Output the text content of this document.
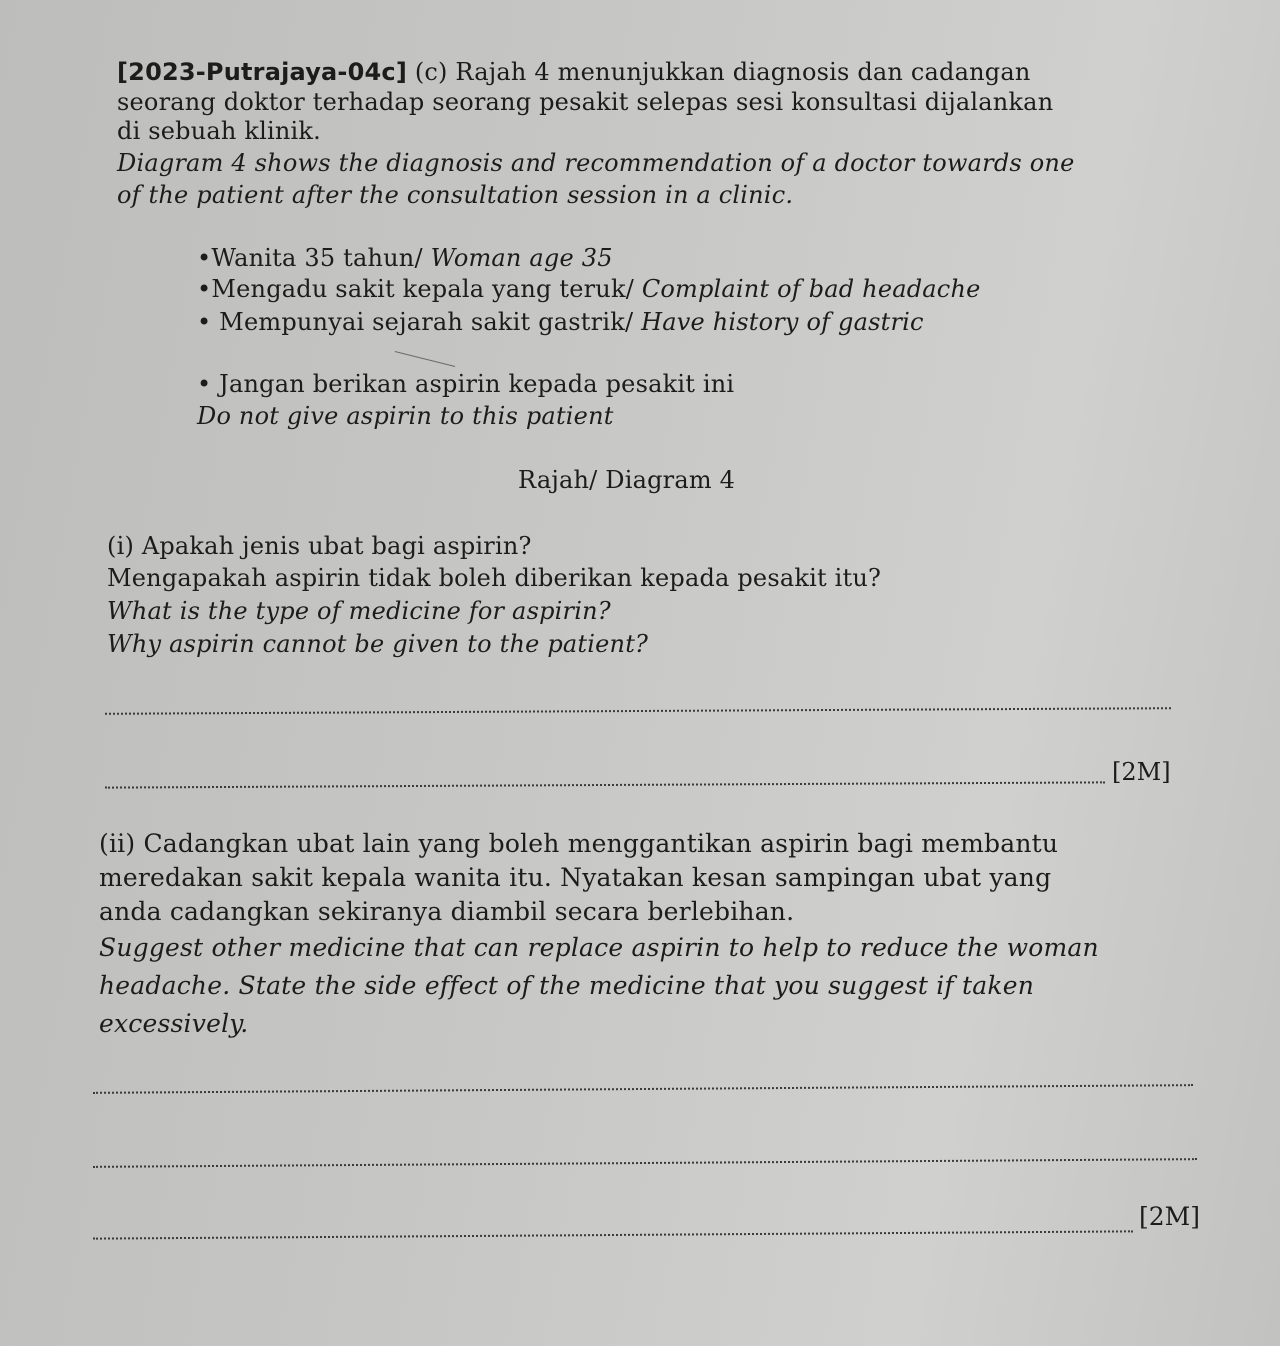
[2023-Putrajaya-04c] (c) Rajah 4 menunjukkan diagnosis dan cadangan
seorang doktor terhadap seorang pesakit selepas sesi konsultasi dijalankan
di sebuah klinik.
Diagram 4 shows the diagnosis and recommendation of a doctor towards one
of the patient after the consultation session in a clinic.
•Wanita 35 tahun/ Woman age 35
•Mengadu sakit kepala yang teruk/ Complaint of bad headache
• Mempunyai sejarah sakit gastrik/ Have history of gastric
• Jangan berikan aspirin kepada pesakit ini
Do not give aspirin to this patient
Rajah/ Diagram 4
(i) Apakah jenis ubat bagi aspirin?
Mengapakah aspirin tidak boleh diberikan kepada pesakit itu?
What is the type of medicine for aspirin?
Why aspirin cannot be given to the patient?
[2M]
(ii) Cadangkan ubat lain yang boleh menggantikan aspirin bagi membantu
meredakan sakit kepala wanita itu. Nyatakan kesan sampingan ubat yang
anda cadangkan sekiranya diambil secara berlebihan.
Suggest other medicine that can replace aspirin to help to reduce the woman
headache. State the side effect of the medicine that you suggest if taken
excessively.
[2M]
